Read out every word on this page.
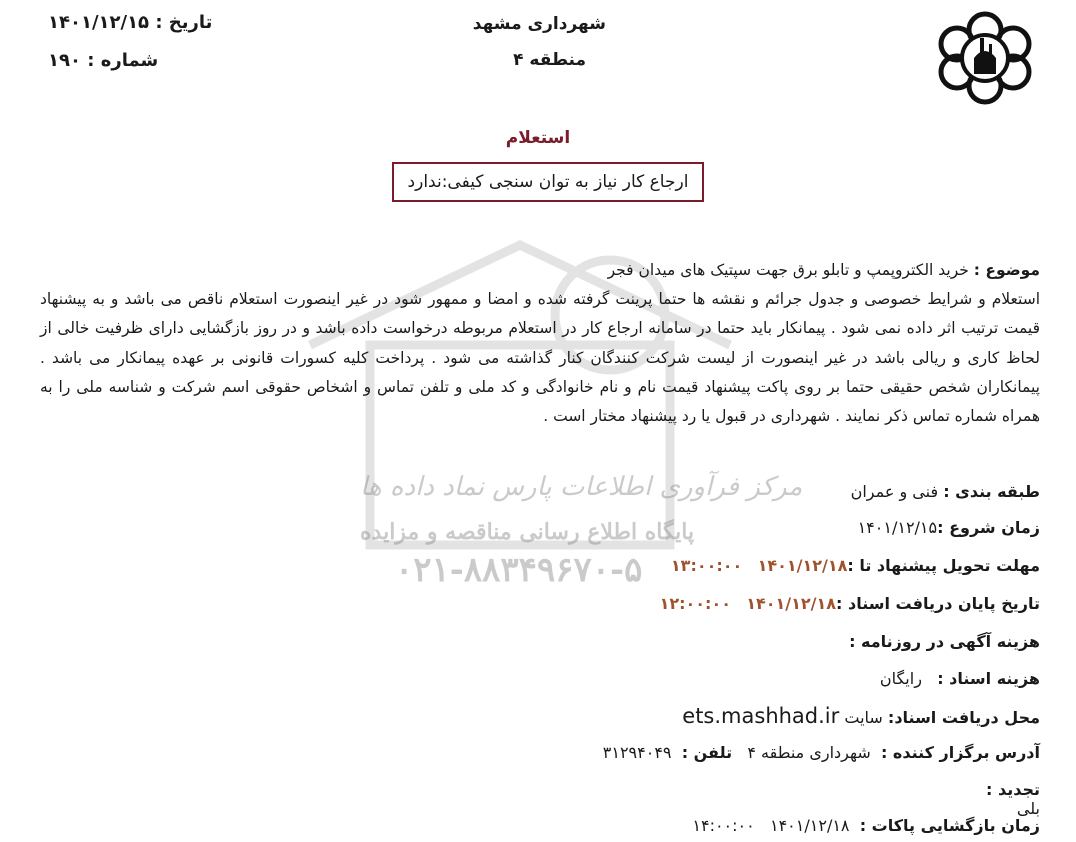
شهرداری مشهد
منطقه ۴
تاریخ : ۱۴۰۱/۱۲/۱۵
شماره : ۱۹۰
استعلام
ارجاع کار نیاز به توان سنجی کیفی:ندارد
مرکز فرآوری اطلاعات پارس نماد داده ها
پایگاه اطلاع رسانی مناقصه و مزایده
۰۲۱-۸۸۳۴۹۶۷۰-۵
موضوع : خرید الکتروپمپ و تابلو برق جهت سپتیک های میدان فجر
استعلام و شرایط خصوصی و جدول جرائم و نقشه ها حتما پرینت گرفته شده و امضا و ممهور شود در غیر اینصورت استعلام ناقص می باشد و به پیشنهاد قیمت ترتیب اثر داده نمی شود . پیمانکار باید حتما در سامانه ارجاع کار در استعلام مربوطه درخواست داده باشد و در روز بازگشایی دارای ظرفیت خالی از لحاظ کاری و ریالی باشد در غیر اینصورت از لیست شرکت کنندگان کنار گذاشته می شود . پرداخت کلیه کسورات قانونی بر عهده پیمانکار می باشد . پیمانکاران شخص حقیقی حتما بر روی پاکت پیشنهاد قیمت نام و نام خانوادگی و کد ملی و تلفن تماس و اشخاص حقوقی اسم شرکت و شناسه ملی را به همراه شماره تماس ذکر نمایند . شهرداری در قبول یا رد پیشنهاد مختار است .
طبقه بندی : فنی و عمران
زمان شروع :۱۴۰۱/۱۲/۱۵
مهلت تحویل پیشنهاد تا :۱۴۰۱/۱۲/۱۸   ۱۳:۰۰:۰۰
تاریخ پایان دریافت اسناد :۱۴۰۱/۱۲/۱۸   ۱۲:۰۰:۰۰
هزینه آگهی در روزنامه :
هزینه اسناد :   رایگان
محل دریافت اسناد: سایت ets.mashhad.ir
آدرس برگزار کننده :  شهرداری منطقه ۴   تلفن :  ۳۱۲۹۴۰۴۹
تجدید :
بلی
زمان بازگشایی پاکات :  ۱۴۰۱/۱۲/۱۸   ۱۴:۰۰:۰۰
